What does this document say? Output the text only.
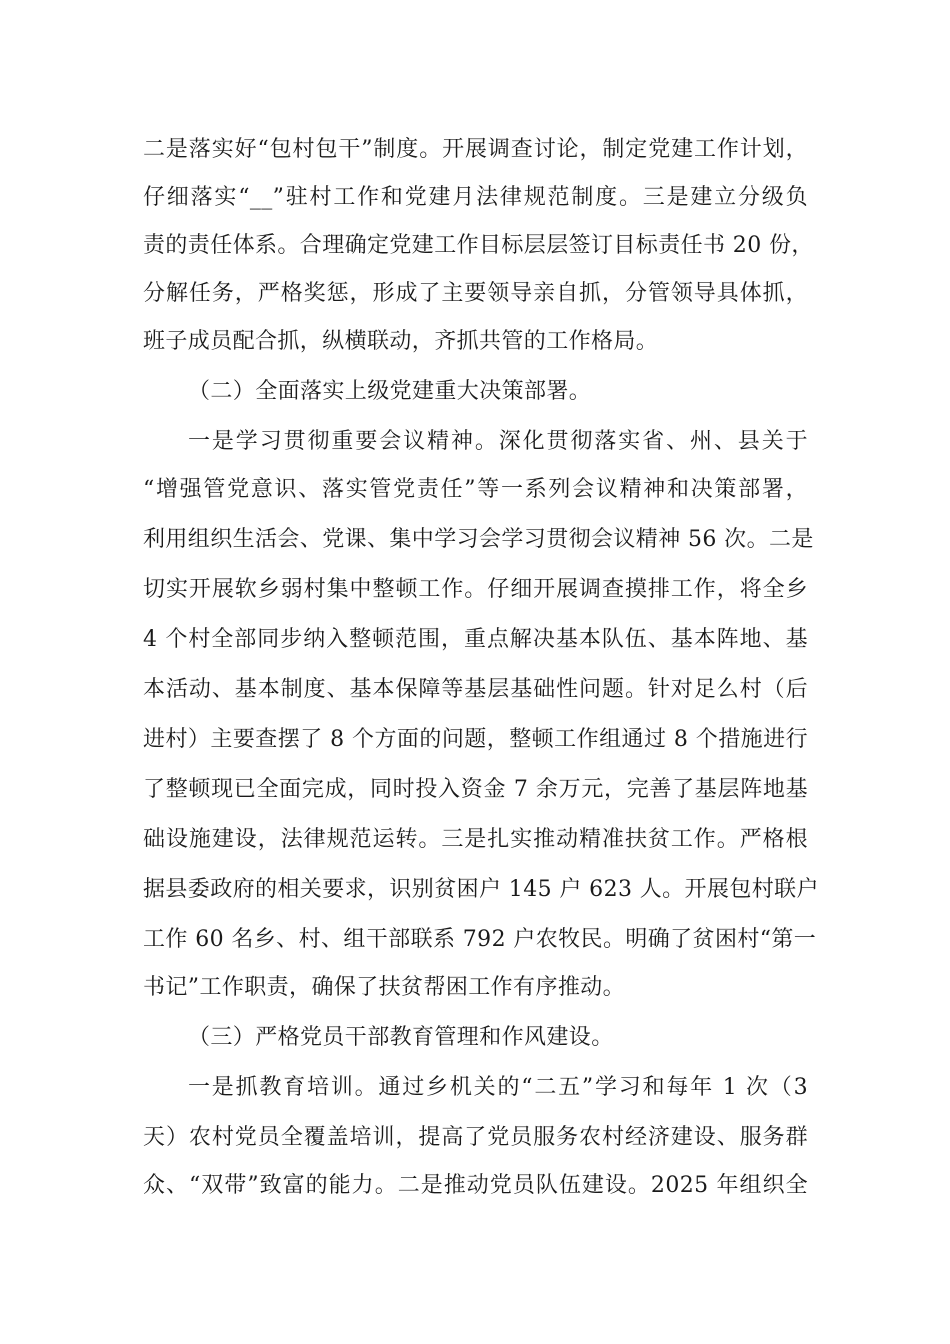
二是落实好“包村包干”制度。开展调查讨论，制定党建工作计划，
仔细落实“__”驻村工作和党建月法律规范制度。三是建立分级负
责的责任体系。合理确定党建工作目标层层签订目标责任书 20 份，
分解任务，严格奖惩，形成了主要领导亲自抓，分管领导具体抓，
班子成员配合抓，纵横联动，齐抓共管的工作格局。
（二）全面落实上级党建重大决策部署。
一是学习贯彻重要会议精神。深化贯彻落实省、州、县关于
“增强管党意识、落实管党责任”等一系列会议精神和决策部署，
利用组织生活会、党课、集中学习会学习贯彻会议精神 56 次。二是
切实开展软乡弱村集中整顿工作。仔细开展调查摸排工作，将全乡
4 个村全部同步纳入整顿范围，重点解决基本队伍、基本阵地、基
本活动、基本制度、基本保障等基层基础性问题。针对足么村（后
进村）主要查摆了 8 个方面的问题，整顿工作组通过 8 个措施进行
了整顿现已全面完成，同时投入资金 7 余万元，完善了基层阵地基
础设施建设，法律规范运转。三是扎实推动精准扶贫工作。严格根
据县委政府的相关要求，识别贫困户 145 户 623 人。开展包村联户
工作 60 名乡、村、组干部联系 792 户农牧民。明确了贫困村“第一
书记”工作职责，确保了扶贫帮困工作有序推动。
（三）严格党员干部教育管理和作风建设。
一是抓教育培训。通过乡机关的“二五”学习和每年 1 次（3
天）农村党员全覆盖培训，提高了党员服务农村经济建设、服务群
众、“双带”致富的能力。二是推动党员队伍建设。2025 年组织全
